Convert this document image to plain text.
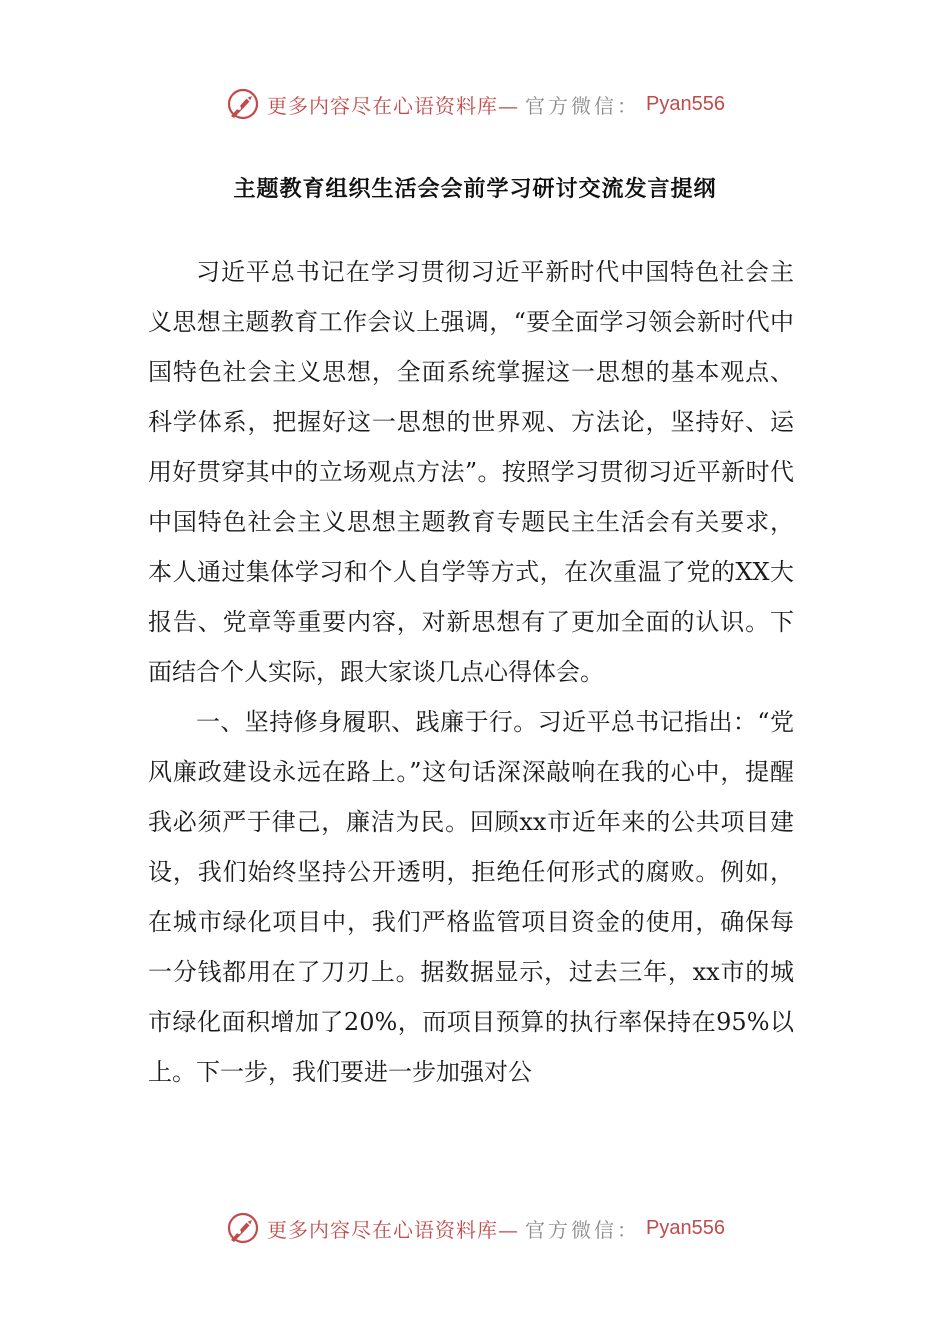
更多内容尽在心语资料库— 官方微信： Pyan556
主题教育组织生活会会前学习研讨交流发言提纲

习近平总书记在学习贯彻习近平新时代中国特色社会主义思想主题教育工作会议上强调，“要全面学习领会新时代中国特色社会主义思想，全面系统掌握这一思想的基本观点、科学体系，把握好这一思想的世界观、方法论，坚持好、运用好贯穿其中的立场观点方法”。按照学习贯彻习近平新时代中国特色社会主义思想主题教育专题民主生活会有关要求，本人通过集体学习和个人自学等方式，在次重温了党的XX大报告、党章等重要内容，对新思想有了更加全面的认识。下面结合个人实际，跟大家谈几点心得体会。

一、坚持修身履职、践廉于行。习近平总书记指出：“党风廉政建设永远在路上。”这句话深深敲响在我的心中，提醒我必须严于律己，廉洁为民。回顾xx市近年来的公共项目建设，我们始终坚持公开透明，拒绝任何形式的腐败。例如，在城市绿化项目中，我们严格监管项目资金的使用，确保每一分钱都用在了刀刃上。据数据显示，过去三年，xx市的城市绿化面积增加了20%，而项目预算的执行率保持在95%以上。下一步，我们要进一步加强对公

更多内容尽在心语资料库— 官方微信： Pyan556
